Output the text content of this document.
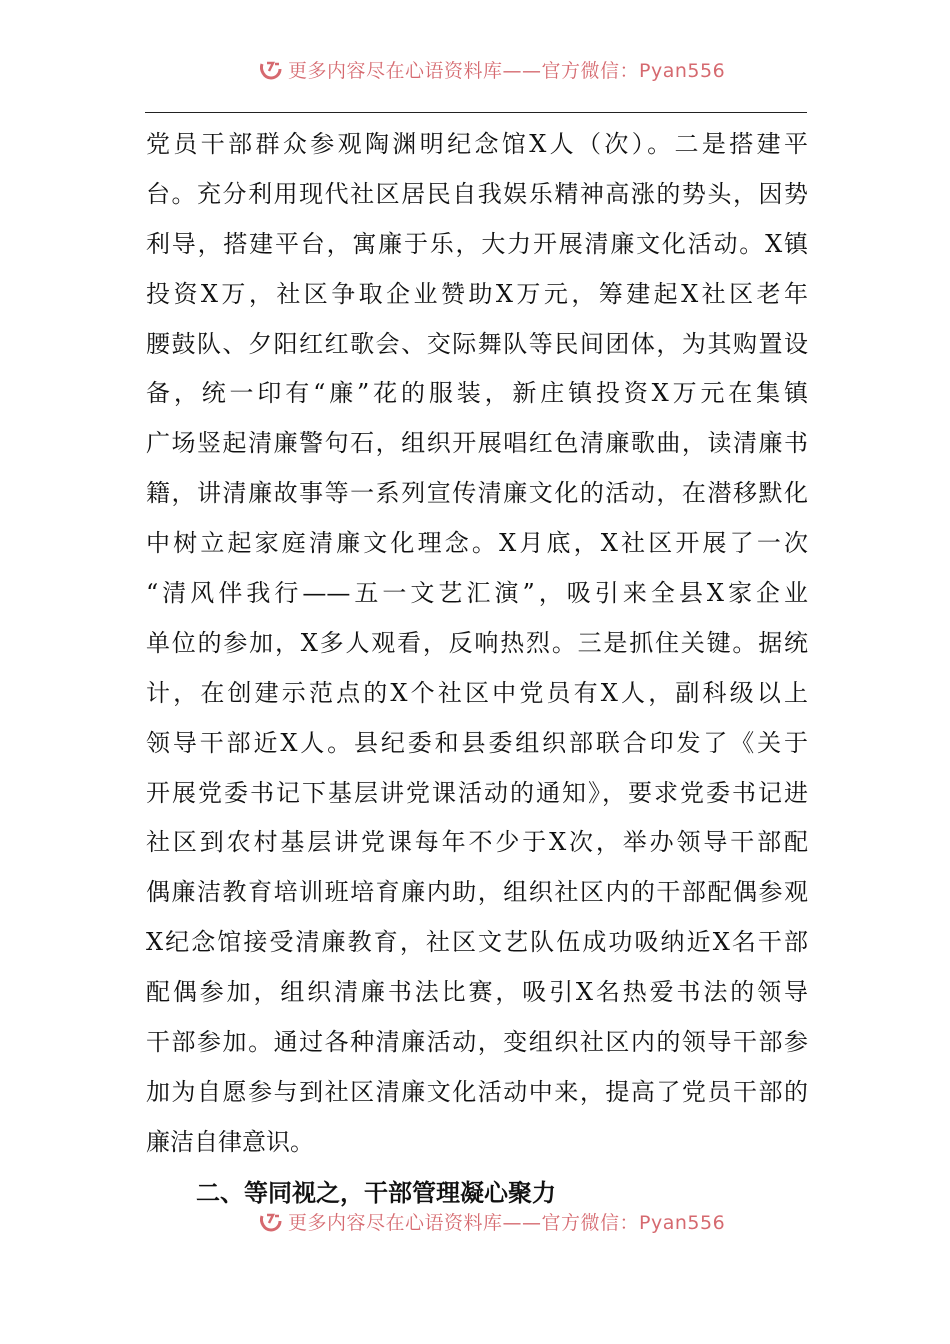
更多内容尽在心语资料库——官方微信：Pyan556
党员干部群众参观陶渊明纪念馆X人（次）。二是搭建平
台。充分利用现代社区居民自我娱乐精神高涨的势头，因势
利导，搭建平台，寓廉于乐，大力开展清廉文化活动。X镇
投资X万，社区争取企业赞助X万元，筹建起X社区老年
腰鼓队、夕阳红红歌会、交际舞队等民间团体，为其购置设
备，统一印有“廉”花的服装，新庄镇投资X万元在集镇
广场竖起清廉警句石，组织开展唱红色清廉歌曲，读清廉书
籍，讲清廉故事等一系列宣传清廉文化的活动，在潜移默化
中树立起家庭清廉文化理念。X月底，X社区开展了一次
“清风伴我行——五一文艺汇演”，吸引来全县X家企业
单位的参加，X多人观看，反响热烈。三是抓住关键。据统
计，在创建示范点的X个社区中党员有X人，副科级以上
领导干部近X人。县纪委和县委组织部联合印发了《关于
开展党委书记下基层讲党课活动的通知》，要求党委书记进
社区到农村基层讲党课每年不少于X次，举办领导干部配
偶廉洁教育培训班培育廉内助，组织社区内的干部配偶参观
X纪念馆接受清廉教育，社区文艺队伍成功吸纳近X名干部
配偶参加，组织清廉书法比赛，吸引X名热爱书法的领导
干部参加。通过各种清廉活动，变组织社区内的领导干部参
加为自愿参与到社区清廉文化活动中来，提高了党员干部的
廉洁自律意识。
二、等同视之，干部管理凝心聚力
更多内容尽在心语资料库——官方微信：Pyan556
